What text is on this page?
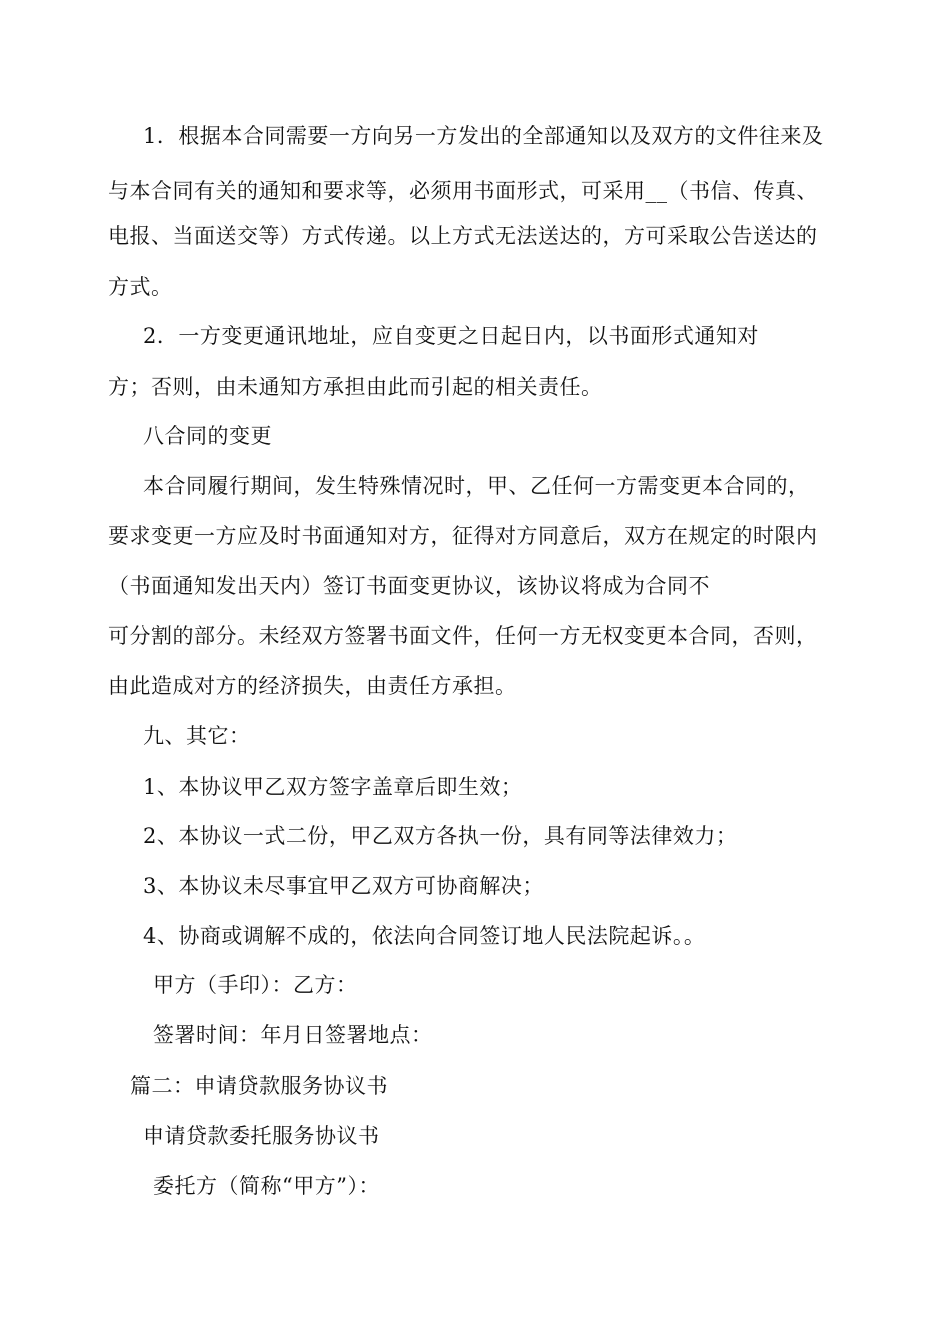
1．根据本合同需要一方向另一方发出的全部通知以及双方的文件往来及
与本合同有关的通知和要求等，必须用书面形式，可采用__（书信、传真、
电报、当面送交等）方式传递。以上方式无法送达的，方可采取公告送达的
方式。
2．一方变更通讯地址，应自变更之日起日内，以书面形式通知对
方；否则，由未通知方承担由此而引起的相关责任。
八合同的变更
本合同履行期间，发生特殊情况时，甲、乙任何一方需变更本合同的，
要求变更一方应及时书面通知对方，征得对方同意后，双方在规定的时限内
（书面通知发出天内）签订书面变更协议，该协议将成为合同不
可分割的部分。未经双方签署书面文件，任何一方无权变更本合同，否则，
由此造成对方的经济损失，由责任方承担。
九、其它：
1、本协议甲乙双方签字盖章后即生效；
2、本协议一式二份，甲乙双方各执一份，具有同等法律效力；
3、本协议未尽事宜甲乙双方可协商解决；
4、协商或调解不成的，依法向合同签订地人民法院起诉。。
甲方（手印）：乙方：
签署时间：年月日签署地点：
篇二：申请贷款服务协议书
申请贷款委托服务协议书
委托方（简称“甲方”）：
